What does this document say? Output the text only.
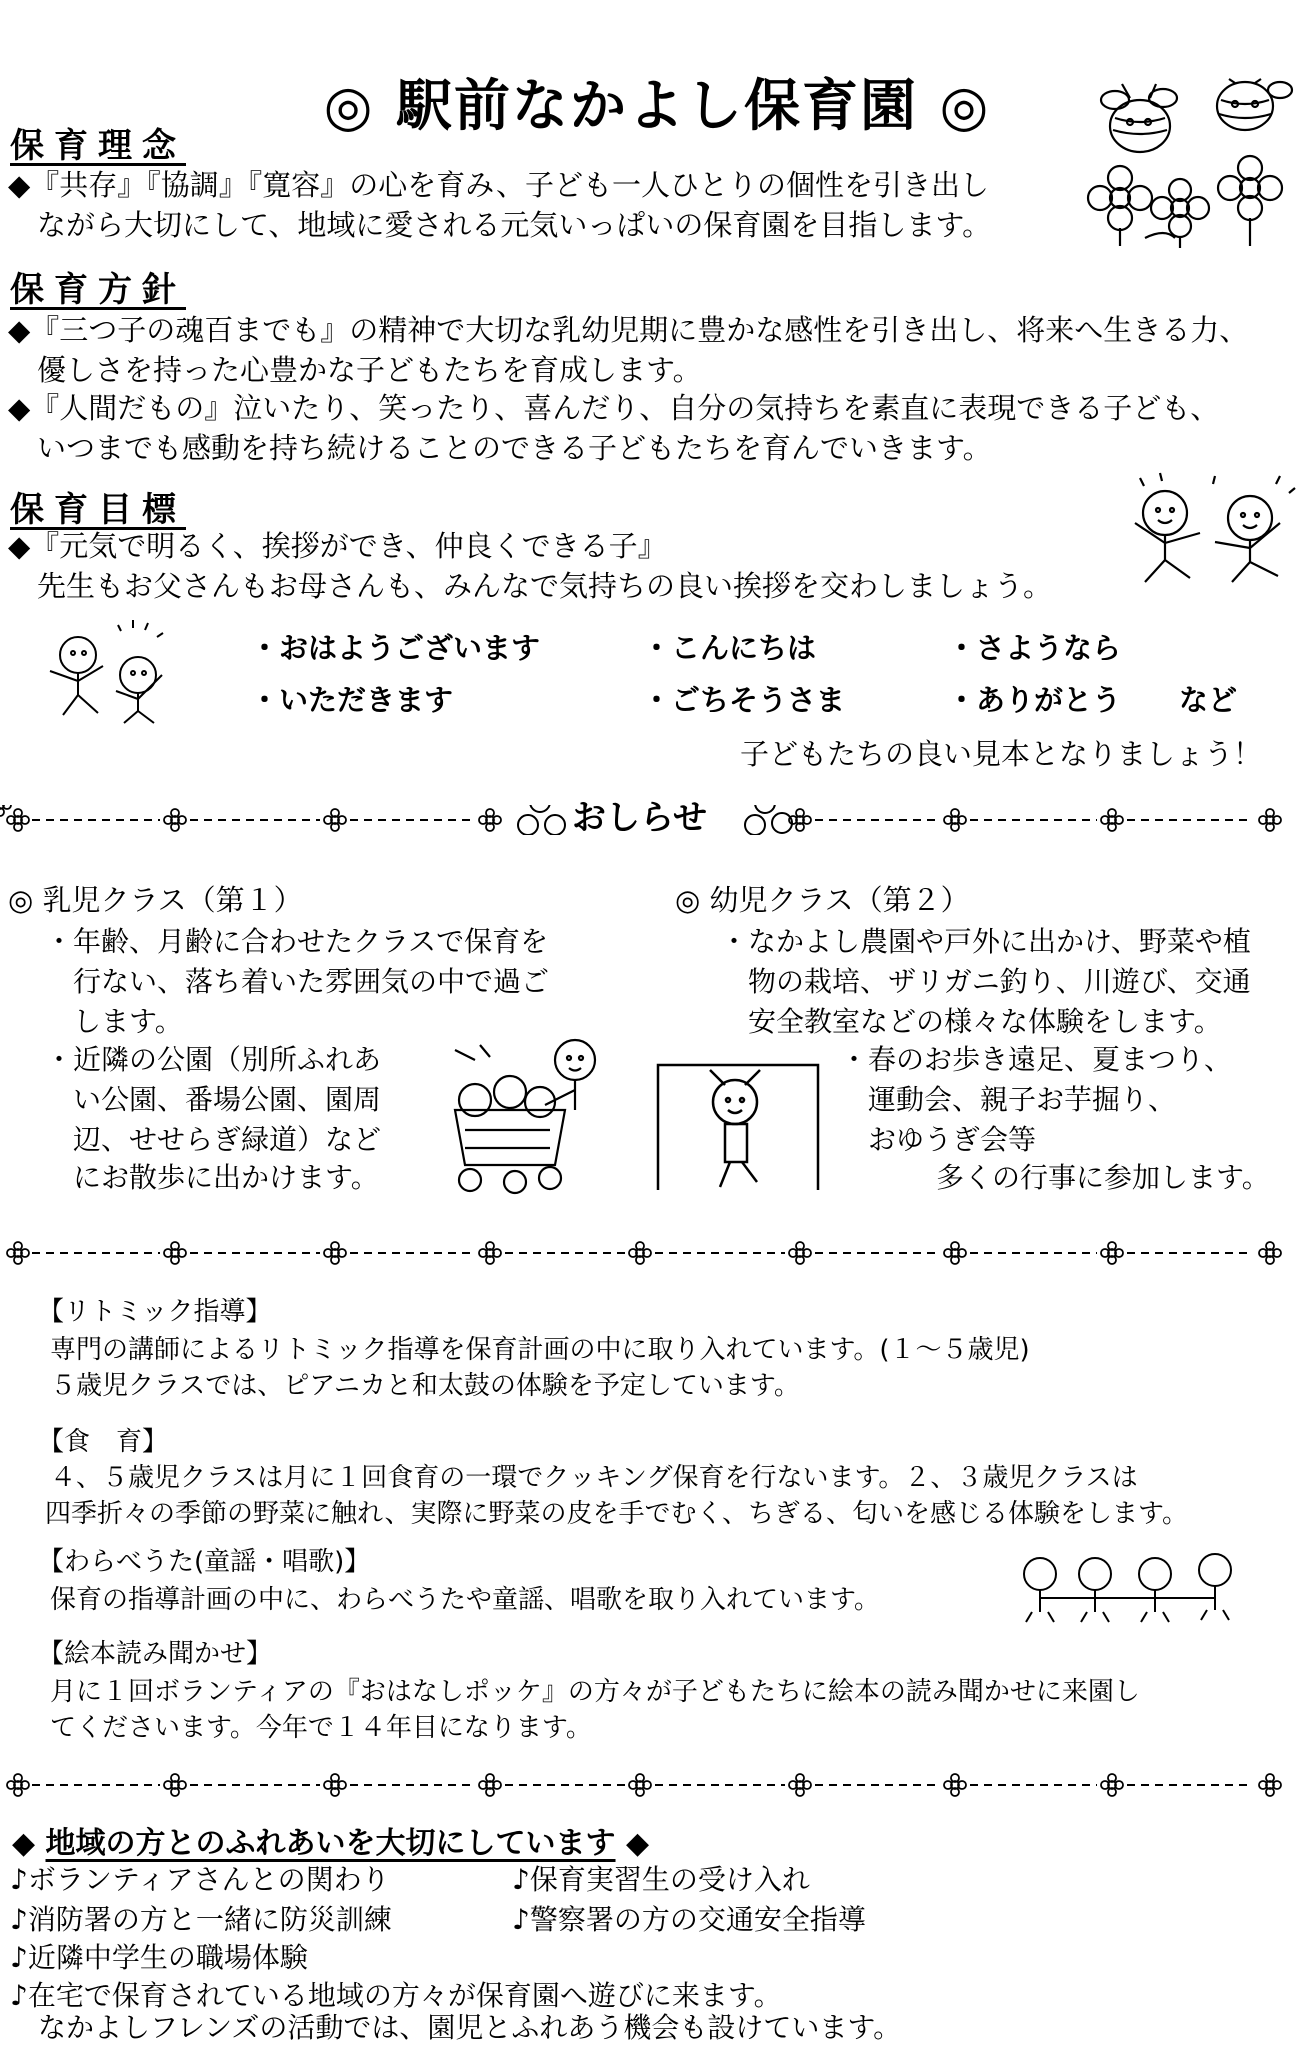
◎ 駅前なかよし保育園 ◎
保育理念
◆『共存』『協調』『寛容』の心を育み、子ども一人ひとりの個性を引き出し
　ながら大切にして、地域に愛される元気いっぱいの保育園を目指します。
保育方針
◆『三つ子の魂百までも』の精神で大切な乳幼児期に豊かな感性を引き出し、将来へ生きる力、
　優しさを持った心豊かな子どもたちを育成します。
◆『人間だもの』泣いたり、笑ったり、喜んだり、自分の気持ちを素直に表現できる子ども、
　いつまでも感動を持ち続けることのできる子どもたちを育んでいきます。
保育目標
◆『元気で明るく、挨拶ができ、仲良くできる子』
　先生もお父さんもお母さんも、みんなで気持ちの良い挨拶を交わしましょう。
・おはようございます	・こんにちは	・さようなら
・いただきます	・ごちそうさま	・ありがとう　　など
子どもたちの良い見本となりましょう！
おしらせ
◎ 乳児クラス（第１）
・年齢、月齢に合わせたクラスで保育を
　行ない、落ち着いた雰囲気の中で過ご
　します。
・近隣の公園（別所ふれあ
　い公園、番場公園、園周
　辺、せせらぎ緑道）など
　にお散歩に出かけます。
◎ 幼児クラス（第２）
・なかよし農園や戸外に出かけ、野菜や植
　物の栽培、ザリガニ釣り、川遊び、交通
　安全教室などの様々な体験をします。
・春のお歩き遠足、夏まつり、
　運動会、親子お芋掘り、
　おゆうぎ会等
　　多くの行事に参加します。
【リトミック指導】
専門の講師によるリトミック指導を保育計画の中に取り入れています。(１～５歳児)
５歳児クラスでは、ピアニカと和太鼓の体験を予定しています。
【食　育】
４、５歳児クラスは月に１回食育の一環でクッキング保育を行ないます。２、３歳児クラスは
四季折々の季節の野菜に触れ、実際に野菜の皮を手でむく、ちぎる、匂いを感じる体験をします。
【わらべうた(童謡・唱歌)】
保育の指導計画の中に、わらべうたや童謡、唱歌を取り入れています。
【絵本読み聞かせ】
月に１回ボランティアの『おはなしポッケ』の方々が子どもたちに絵本の読み聞かせに来園し
てくださいます。今年で１４年目になります。
◆ 地域の方とのふれあいを大切にしています ◆
♪ボランティアさんとの関わり	♪保育実習生の受け入れ
♪消防署の方と一緒に防災訓練	♪警察署の方の交通安全指導
♪近隣中学生の職場体験
♪在宅で保育されている地域の方々が保育園へ遊びに来ます。
　なかよしフレンズの活動では、園児とふれあう機会も設けています。
